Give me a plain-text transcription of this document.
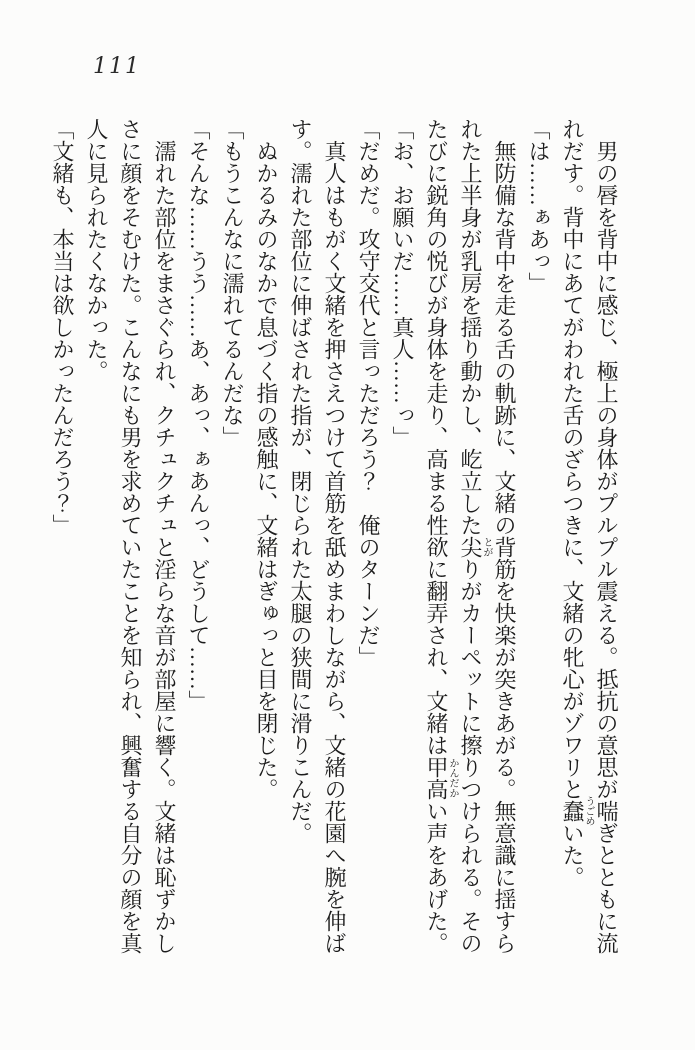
111

男の唇を背中に感じ、極上の身体がプルプル震える。抵抗の意思が喘ぎとともに流れだす。背中にあてがわれた舌のざらつきに、文緒の牝心がゾワリと蠢うごめいた。

「は……ぁあっ」

無防備な背中を走る舌の軌跡に、文緒の背筋を快楽が突きあがる。無意識に揺すられた上半身が乳房を揺り動かし、屹立した尖とがりがカーペットに擦りつけられる。そのたびに鋭角の悦びが身体を走り、高まる性欲に翻弄され、文緒は甲高かんだかい声をあげた。

「お、お願いだ……真人……っ」

「だめだ。攻守交代と言っただろう？　俺のターンだ」

真人はもがく文緒を押さえつけて首筋を舐めまわしながら、文緒の花園へ腕を伸ばす。濡れた部位に伸ばされた指が、閉じられた太腿の狭間に滑りこんだ。

ぬかるみのなかで息づく指の感触に、文緒はぎゅっと目を閉じた。

「もうこんなに濡れてるんだな」

「そんな……うう……あ、あっ、ぁあんっ、どうして……」

濡れた部位をまさぐられ、クチュクチュと淫らな音が部屋に響く。文緒は恥ずかしさに顔をそむけた。こんなにも男を求めていたことを知られ、興奮する自分の顔を真人に見られたくなかった。

「文緒も、本当は欲しかったんだろう？」
